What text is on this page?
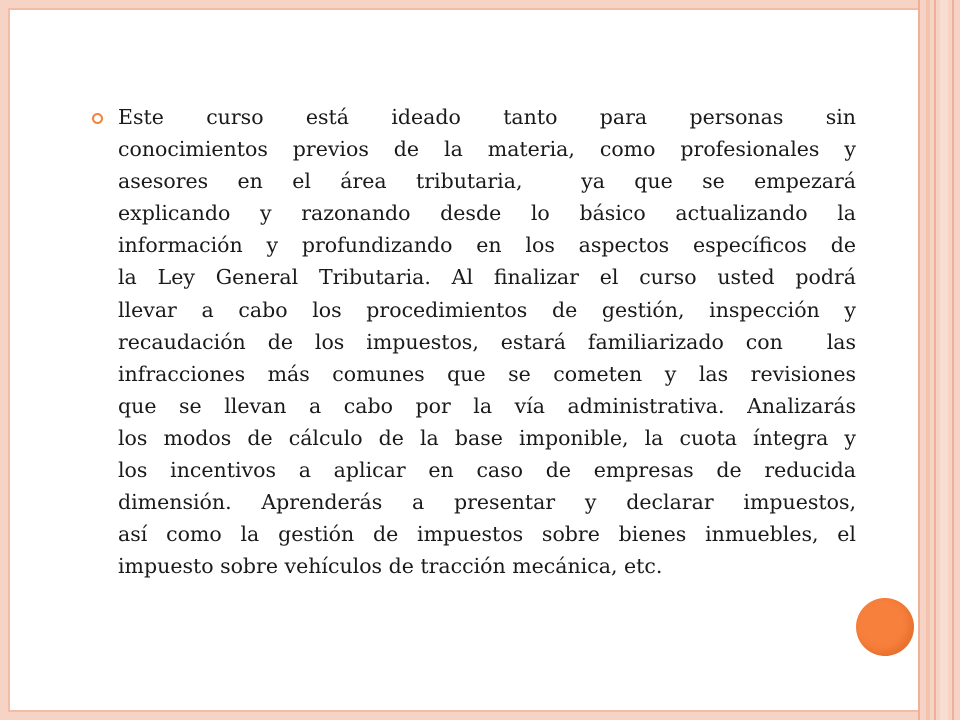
Este curso está ideado tanto para personas sin
conocimientos previos de la materia, como profesionales y
asesores en el área tributaria,  ya que se empezará
explicando y razonando desde lo básico actualizando la
información y profundizando en los aspectos específicos de
la Ley General Tributaria. Al finalizar el curso usted podrá
llevar a cabo los procedimientos de gestión, inspección y
recaudación de los impuestos, estará familiarizado con  las
infracciones más comunes que se cometen y las revisiones
que se llevan a cabo por la vía administrativa. Analizarás
los modos de cálculo de la base imponible, la cuota íntegra y
los incentivos a aplicar en caso de empresas de reducida
dimensión. Aprenderás a presentar y declarar impuestos,
así como la gestión de impuestos sobre bienes inmuebles, el
impuesto sobre vehículos de tracción mecánica, etc.
